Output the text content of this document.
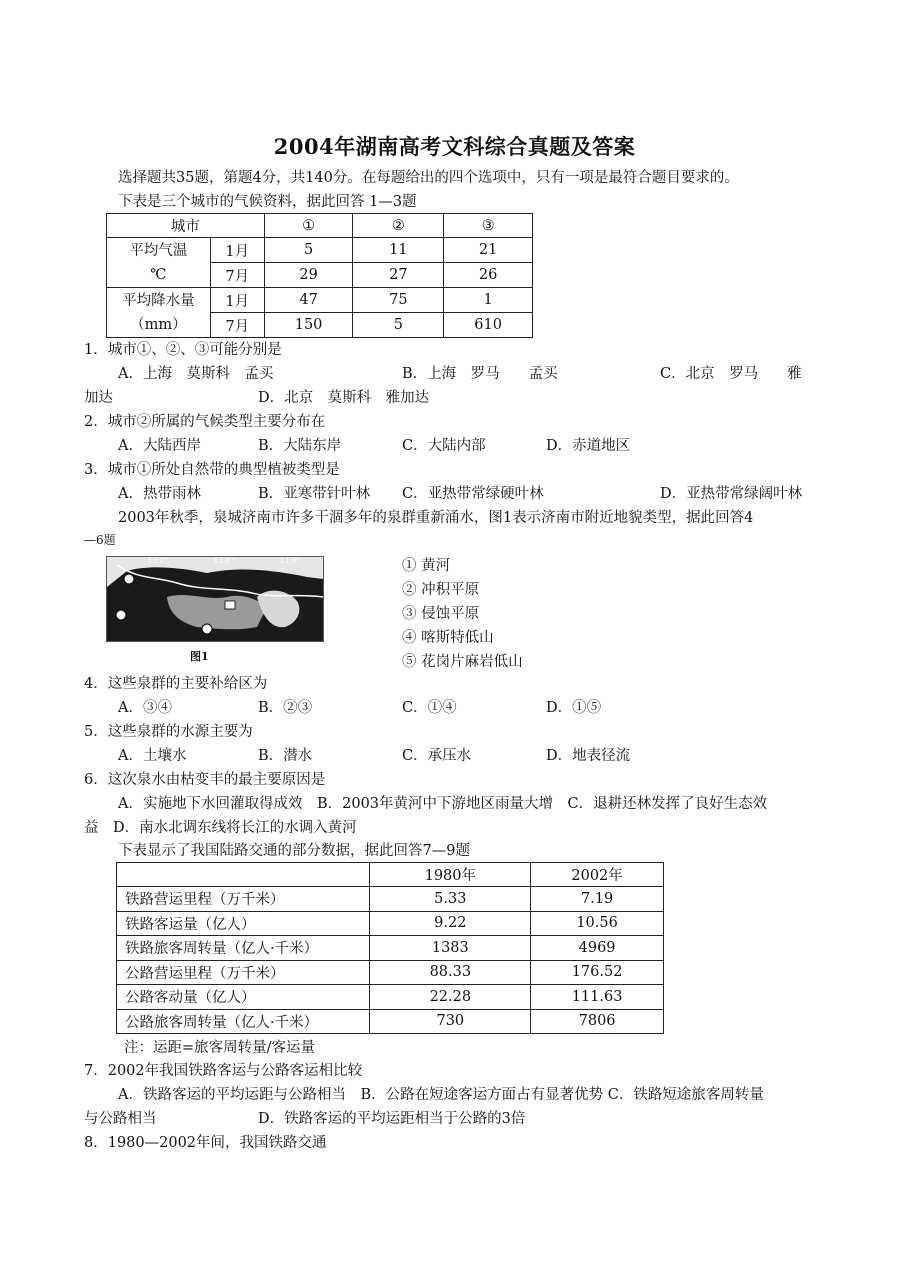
2004年湖南高考文科综合真题及答案
选择题共35题，第题4分，共140分。在每题给出的四个选项中，只有一项是最符合题目要求的。
下表是三个城市的气候资料，据此回答 1—3题
城市		①	②	③
平均气温
℃	1月	5	11	21
	7月	29	27	26
平均降水量
（mm）	1月	47	75	1
	7月	150	5	610
1．城市①、②、③可能分别是
A．上海　莫斯科　孟买	B．上海　罗马　　孟买	C．北京　罗马　　雅
加达	D．北京　莫斯科　雅加达
2．城市②所属的气候类型主要分布在
A．大陆西岸	B．大陆东岸	C．大陆内部	D．赤道地区
3．城市①所处自然带的典型植被类型是
A．热带雨林	B．亚寒带针叶林 C．亚热带常绿硬叶林	D．亚热带常绿阔叶林
2003年秋季，泉城济南市许多干涸多年的泉群重新涌水，图1表示济南市附近地貌类型，据此回答4
—6题
117°	118°	119°
图1
① 黄河
② 冲积平原
③ 侵蚀平原
④ 喀斯特低山
⑤ 花岗片麻岩低山
4．这些泉群的主要补给区为
A．③④	B．②③	C．①④	D．①⑤
5．这些泉群的水源主要为
A．土壤水	B．潜水	C．承压水	D．地表径流
6．这次泉水由枯变丰的最主要原因是
A．实施地下水回灌取得成效　B．2003年黄河中下游地区雨量大增　C．退耕还林发挥了良好生态效
益　D．南水北调东线将长江的水调入黄河
下表显示了我国陆路交通的部分数据，据此回答7—9题
	1980年	2002年
铁路营运里程（万千米）	5.33	7.19
铁路客运量（亿人）	9.22	10.56
铁路旅客周转量（亿人·千米）	1383	4969
公路营运里程（万千米）	88.33	176.52
公路客动量（亿人）	22.28	111.63
公路旅客周转量（亿人·千米）	730	7806
注：运距=旅客周转量/客运量
7．2002年我国铁路客运与公路客运相比较
A．铁路客运的平均运距与公路相当　B．公路在短途客运方面占有显著优势 C．铁路短途旅客周转量
与公路相当	D．铁路客运的平均运距相当于公路的3倍
8．1980—2002年间，我国铁路交通
